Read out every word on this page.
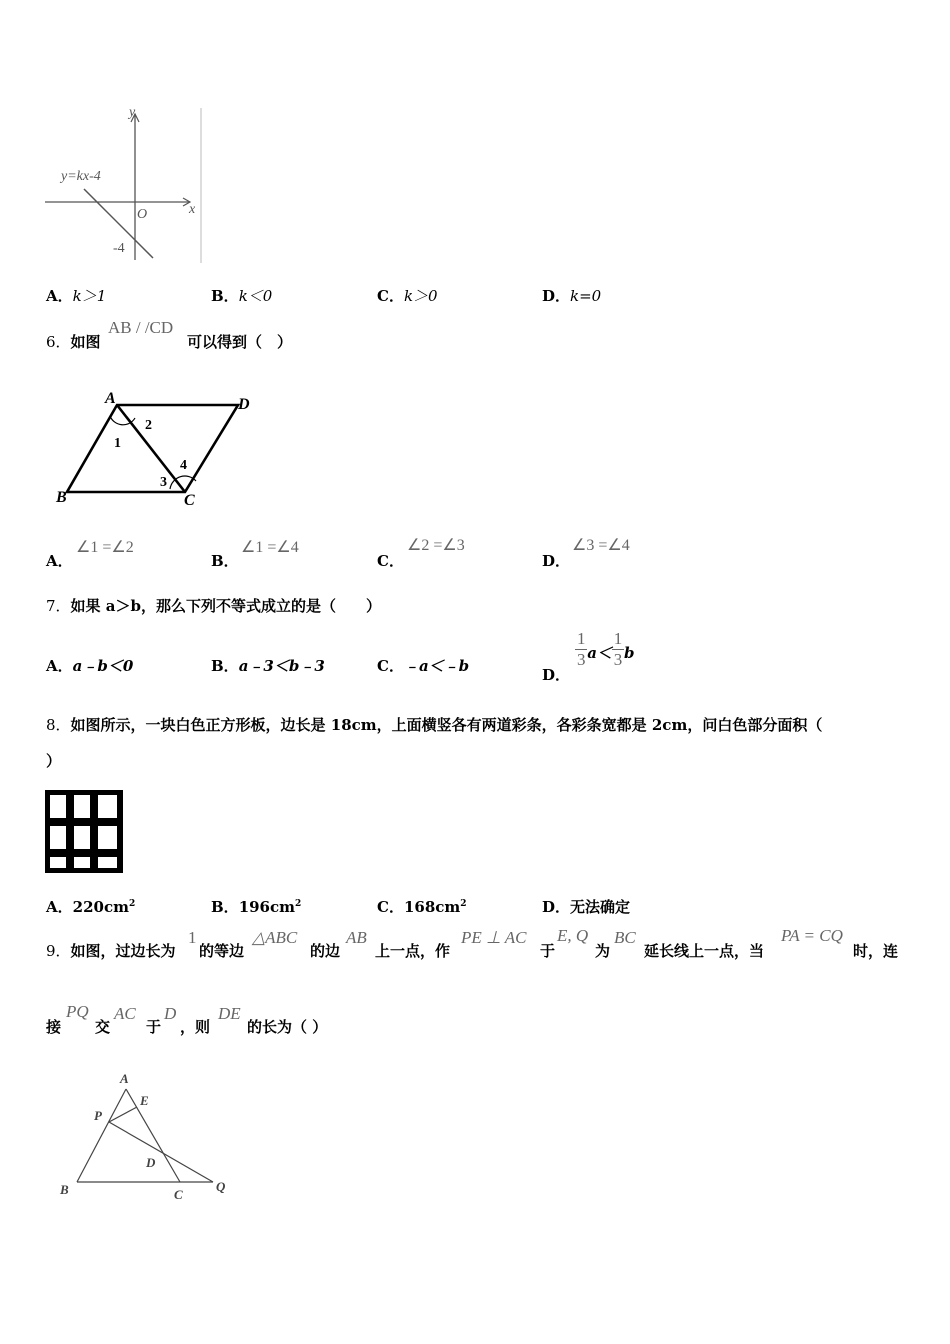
y
x
O
y=kx-4
-4
A．k＞1	B．k＜0	C．k＞0	D．k=0
6．如图
AB / /CD
可以得到（　）
A	D
B	C
1
2
3
4
A．
∠1 =∠2
B．
∠1 =∠4
C．
∠2 =∠3
D．
∠3 =∠4
7．如果 a＞b，那么下列不等式成立的是（　　）
A．a﹣b＜0	B．a﹣3＜b﹣3	C．﹣a＜﹣b	D． $\frac{1}{3}a<\frac{1}{3}b$
8．如图所示，一块白色正方形板，边长是 18cm，上面横竖各有两道彩条，各彩条宽都是 2cm，问白色部分面积（
）
A．$220cm^2$	B．$196cm^2$	C．$168cm^2$	D．无法确定
9．如图，过边长为
1
的等边
△ABC
的边
AB
上一点，作
PE ⊥ AC
于
E, Q
为
BC
延长线上一点，当
PA = CQ
时，连
接
PQ
交
AC
于
D
，则
DE
的长为（ ）
A
E
P
D
B	C
Q
